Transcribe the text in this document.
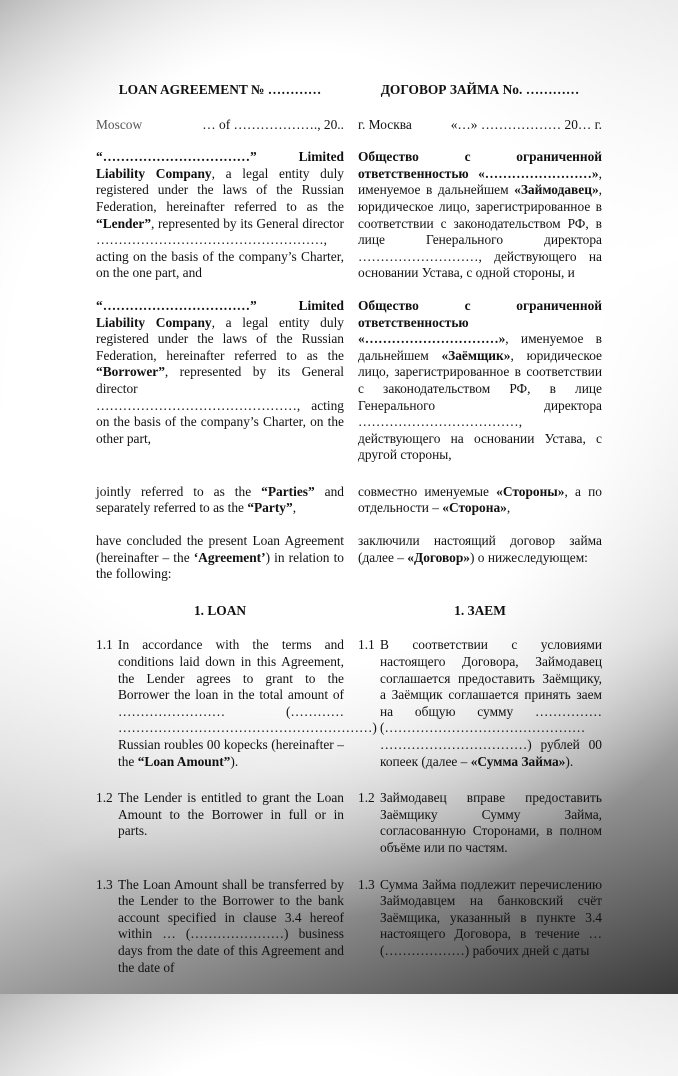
LOAN AGREEMENT № …………	ДОГОВОР ЗАЙМА No. …………
Moscow	… of ………………., 20.. г. Москва	«…» ……………… 20… г.
“……………………………” Limited Liability Company, a legal entity duly registered under the laws of the Russian Federation, hereinafter referred to as the “Lender”, represented by its General director ……………………………………………, acting on the basis of the company’s Charter, on the one part, and
Общество с ограниченной ответственностью «……………………», именуемое в дальнейшем «Займодавец», юридическое лицо, зарегистрированное в соответствии с законодательством РФ, в лице Генерального директора ………………………, действующего на основании Устава, с одной стороны, и
“……………………………” Limited Liability Company, a legal entity duly registered under the laws of the Russian Federation, hereinafter referred to as the “Borrower”, represented by its General director ………………………………………, acting on the basis of the company’s Charter, on the other part,
Общество с ограниченной ответственностью «…………………………», именуемое в дальнейшем «Заёмщик», юридическое лицо, зарегистрированное в соответствии с законодательством РФ, в лице Генерального директора ………………………………, действующего на основании Устава, с другой стороны,
jointly referred to as the “Parties” and separately referred to as the “Party”,
совместно именуемые «Стороны», а по отдельности – «Сторона»,
have concluded the present Loan Agreement (hereinafter – the ‘Agreement’) in relation to the following:
заключили настоящий договор займа (далее – «Договор») о нижеследующем:
1. LOAN	1. ЗАЕМ
1.1 In accordance with the terms and conditions laid down in this Agreement, the Lender agrees to grant to the Borrower the loan in the total amount of …………………… (………… …………………………………………………) Russian roubles 00 kopecks (hereinafter – the “Loan Amount”).
1.1 В соответствии с условиями настоящего Договора, Займодавец соглашается предоставить Заёмщику, а Заёмщик соглашается принять заем на общую сумму …………… (……………………………………… ……………………………) рублей 00 копеек (далее – «Сумма Займа»).
1.2 The Lender is entitled to grant the Loan Amount to the Borrower in full or in parts.
1.2 Займодавец вправе предоставить Заёмщику Сумму Займа, согласованную Сторонами, в полном объёме или по частям.
1.3 The Loan Amount shall be transferred by the Lender to the Borrower to the bank account specified in clause 3.4 hereof within … (…………………) business days from the date of this Agreement and the date of
1.3 Сумма Займа подлежит перечислению Займодавцем на банковский счёт Заёмщика, указанный в пункте 3.4 настоящего Договора, в течение … (………………) рабочих дней с даты
